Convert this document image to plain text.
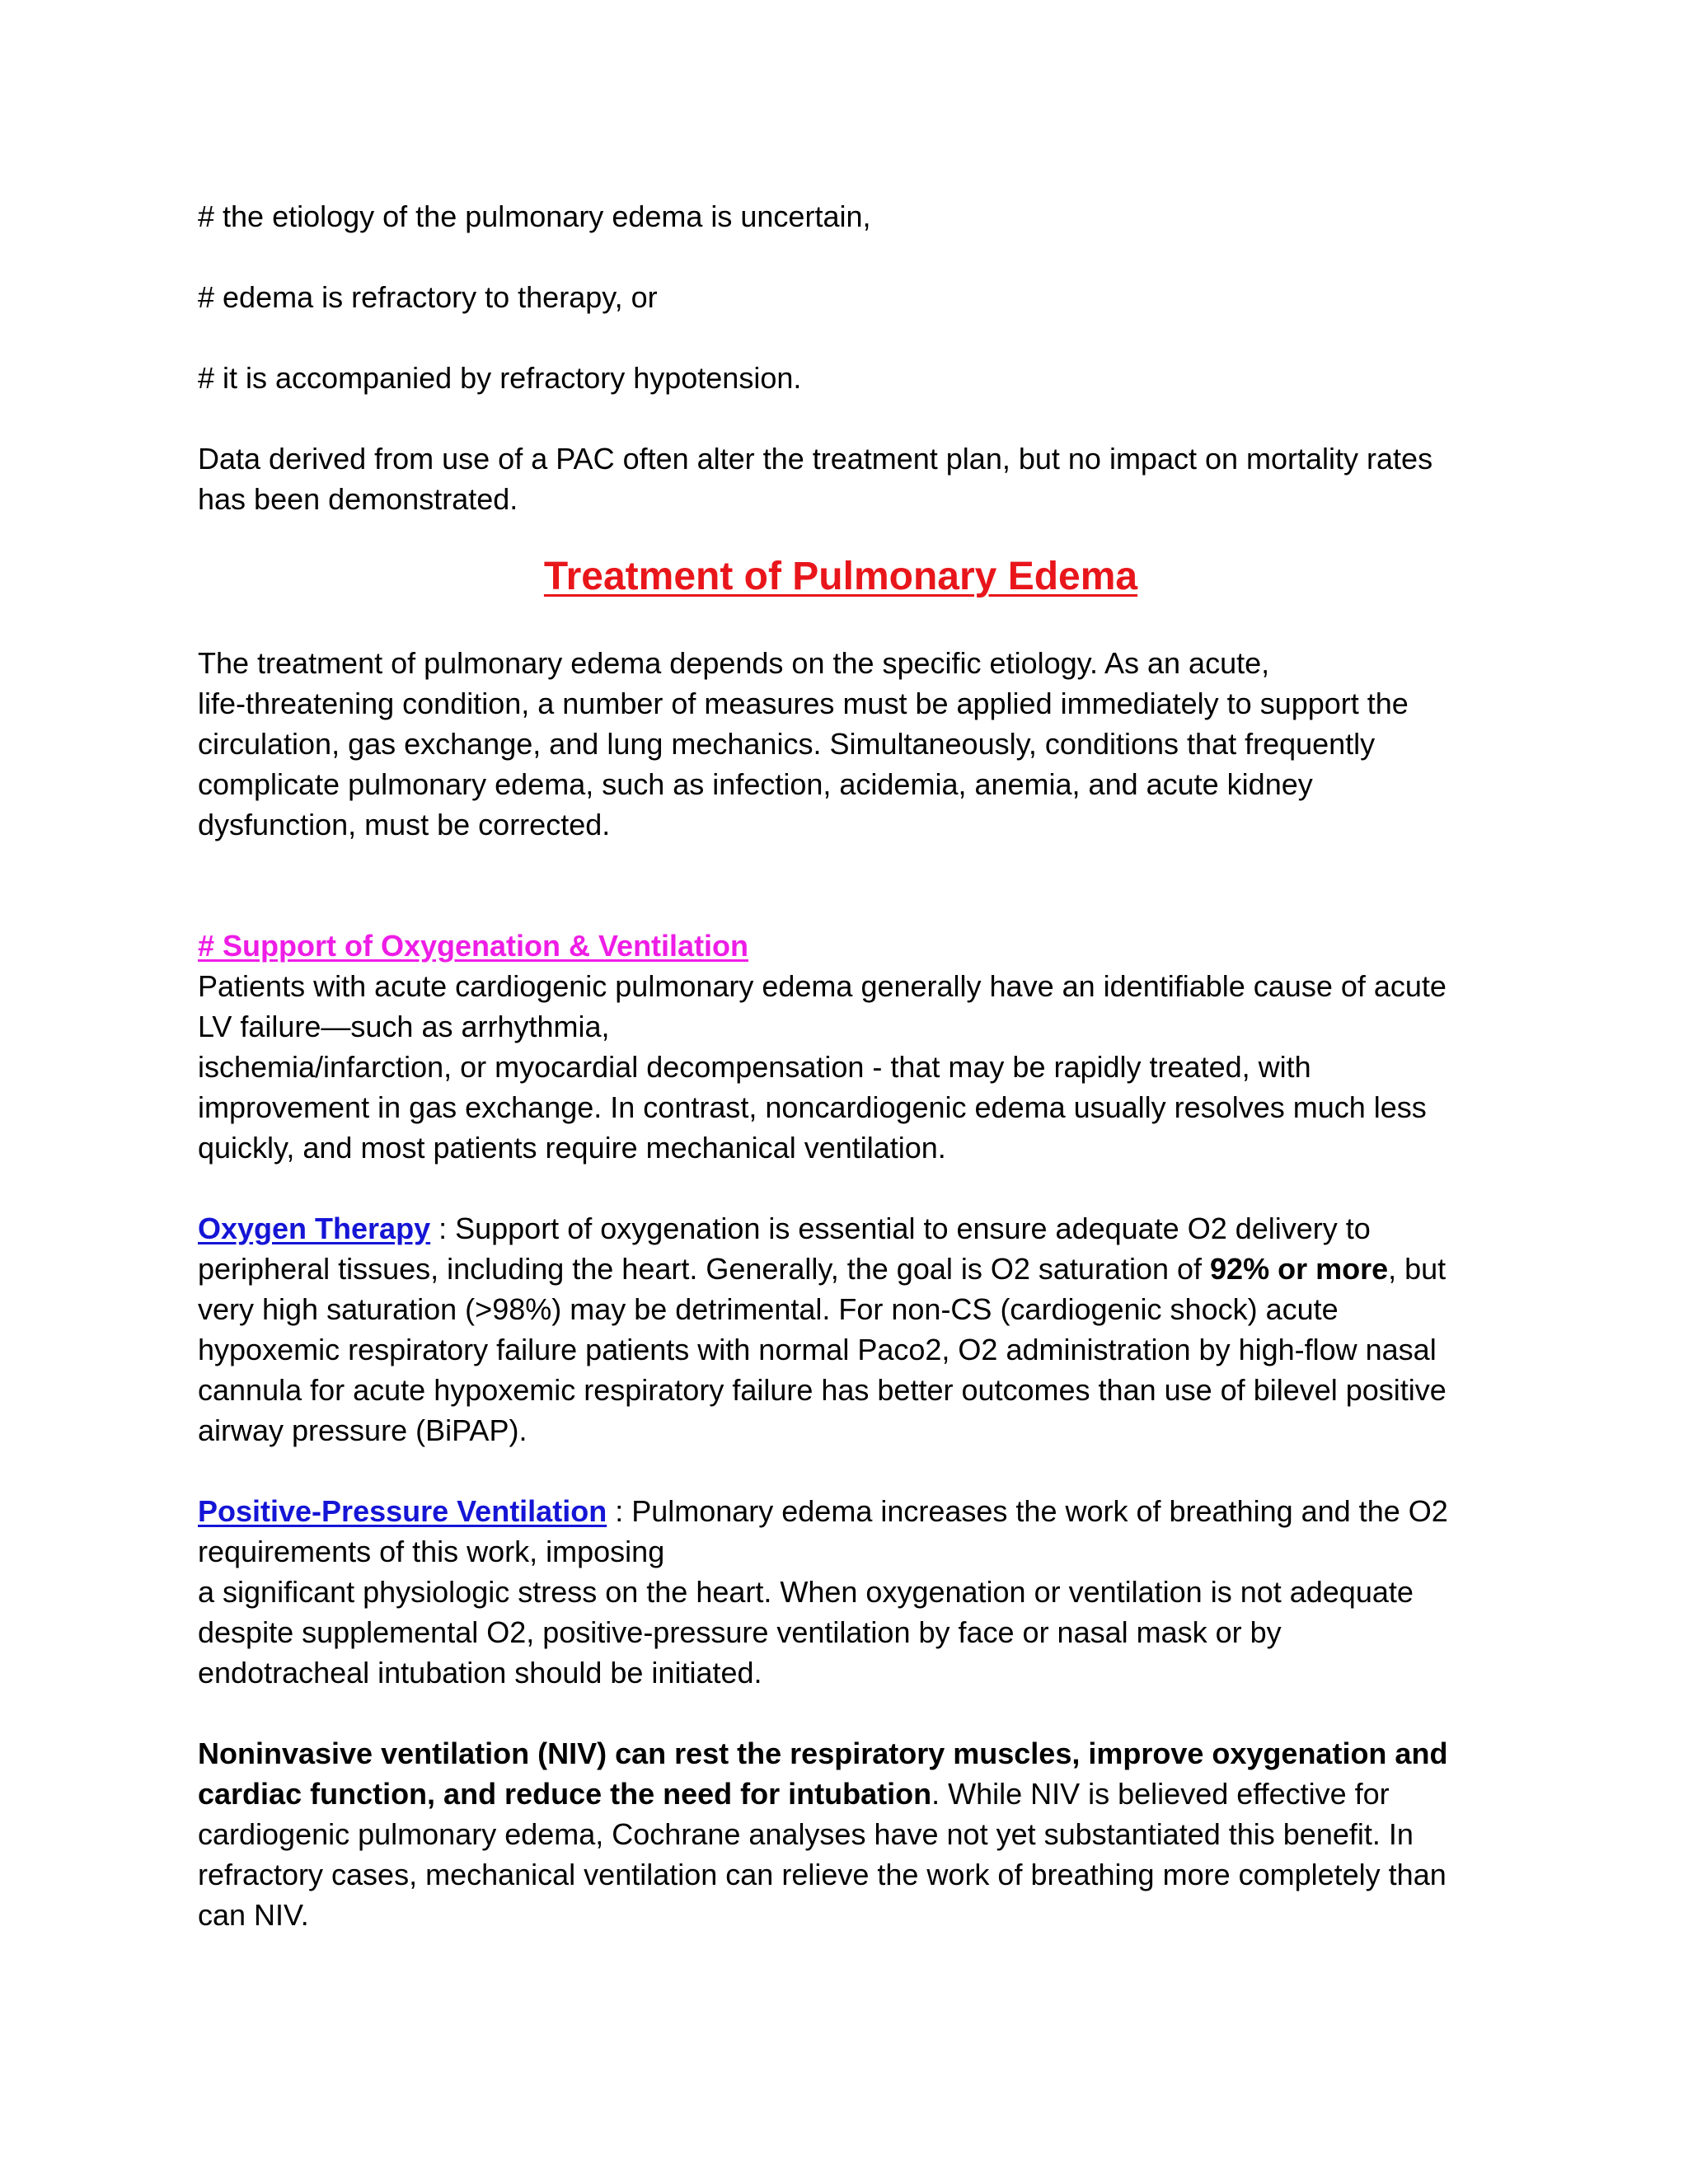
# the etiology of the pulmonary edema is uncertain,

# edema is refractory to therapy, or

# it is accompanied by refractory hypotension.

Data derived from use of a PAC often alter the treatment plan, but no impact on mortality rates
has been demonstrated.

Treatment of Pulmonary Edema

The treatment of pulmonary edema depends on the specific etiology. As an acute,
life-threatening condition, a number of measures must be applied immediately to support the
circulation, gas exchange, and lung mechanics. Simultaneously, conditions that frequently
complicate pulmonary edema, such as infection, acidemia, anemia, and acute kidney
dysfunction, must be corrected.

# Support of Oxygenation & Ventilation

Patients with acute cardiogenic pulmonary edema generally have an identifiable cause of acute
LV failure—such as arrhythmia,
ischemia/infarction, or myocardial decompensation - that may be rapidly treated, with
improvement in gas exchange. In contrast, noncardiogenic edema usually resolves much less
quickly, and most patients require mechanical ventilation.

Oxygen Therapy : Support of oxygenation is essential to ensure adequate O2 delivery to
peripheral tissues, including the heart. Generally, the goal is O2 saturation of 92% or more, but
very high saturation (>98%) may be detrimental. For non-CS (cardiogenic shock) acute
hypoxemic respiratory failure patients with normal Paco2, O2 administration by high-flow nasal
cannula for acute hypoxemic respiratory failure has better outcomes than use of bilevel positive
airway pressure (BiPAP).

Positive-Pressure Ventilation : Pulmonary edema increases the work of breathing and the O2
requirements of this work, imposing
a significant physiologic stress on the heart. When oxygenation or ventilation is not adequate
despite supplemental O2, positive-pressure ventilation by face or nasal mask or by
endotracheal intubation should be initiated.

Noninvasive ventilation (NIV) can rest the respiratory muscles, improve oxygenation and
cardiac function, and reduce the need for intubation. While NIV is believed effective for
cardiogenic pulmonary edema, Cochrane analyses have not yet substantiated this benefit. In
refractory cases, mechanical ventilation can relieve the work of breathing more completely than
can NIV.
